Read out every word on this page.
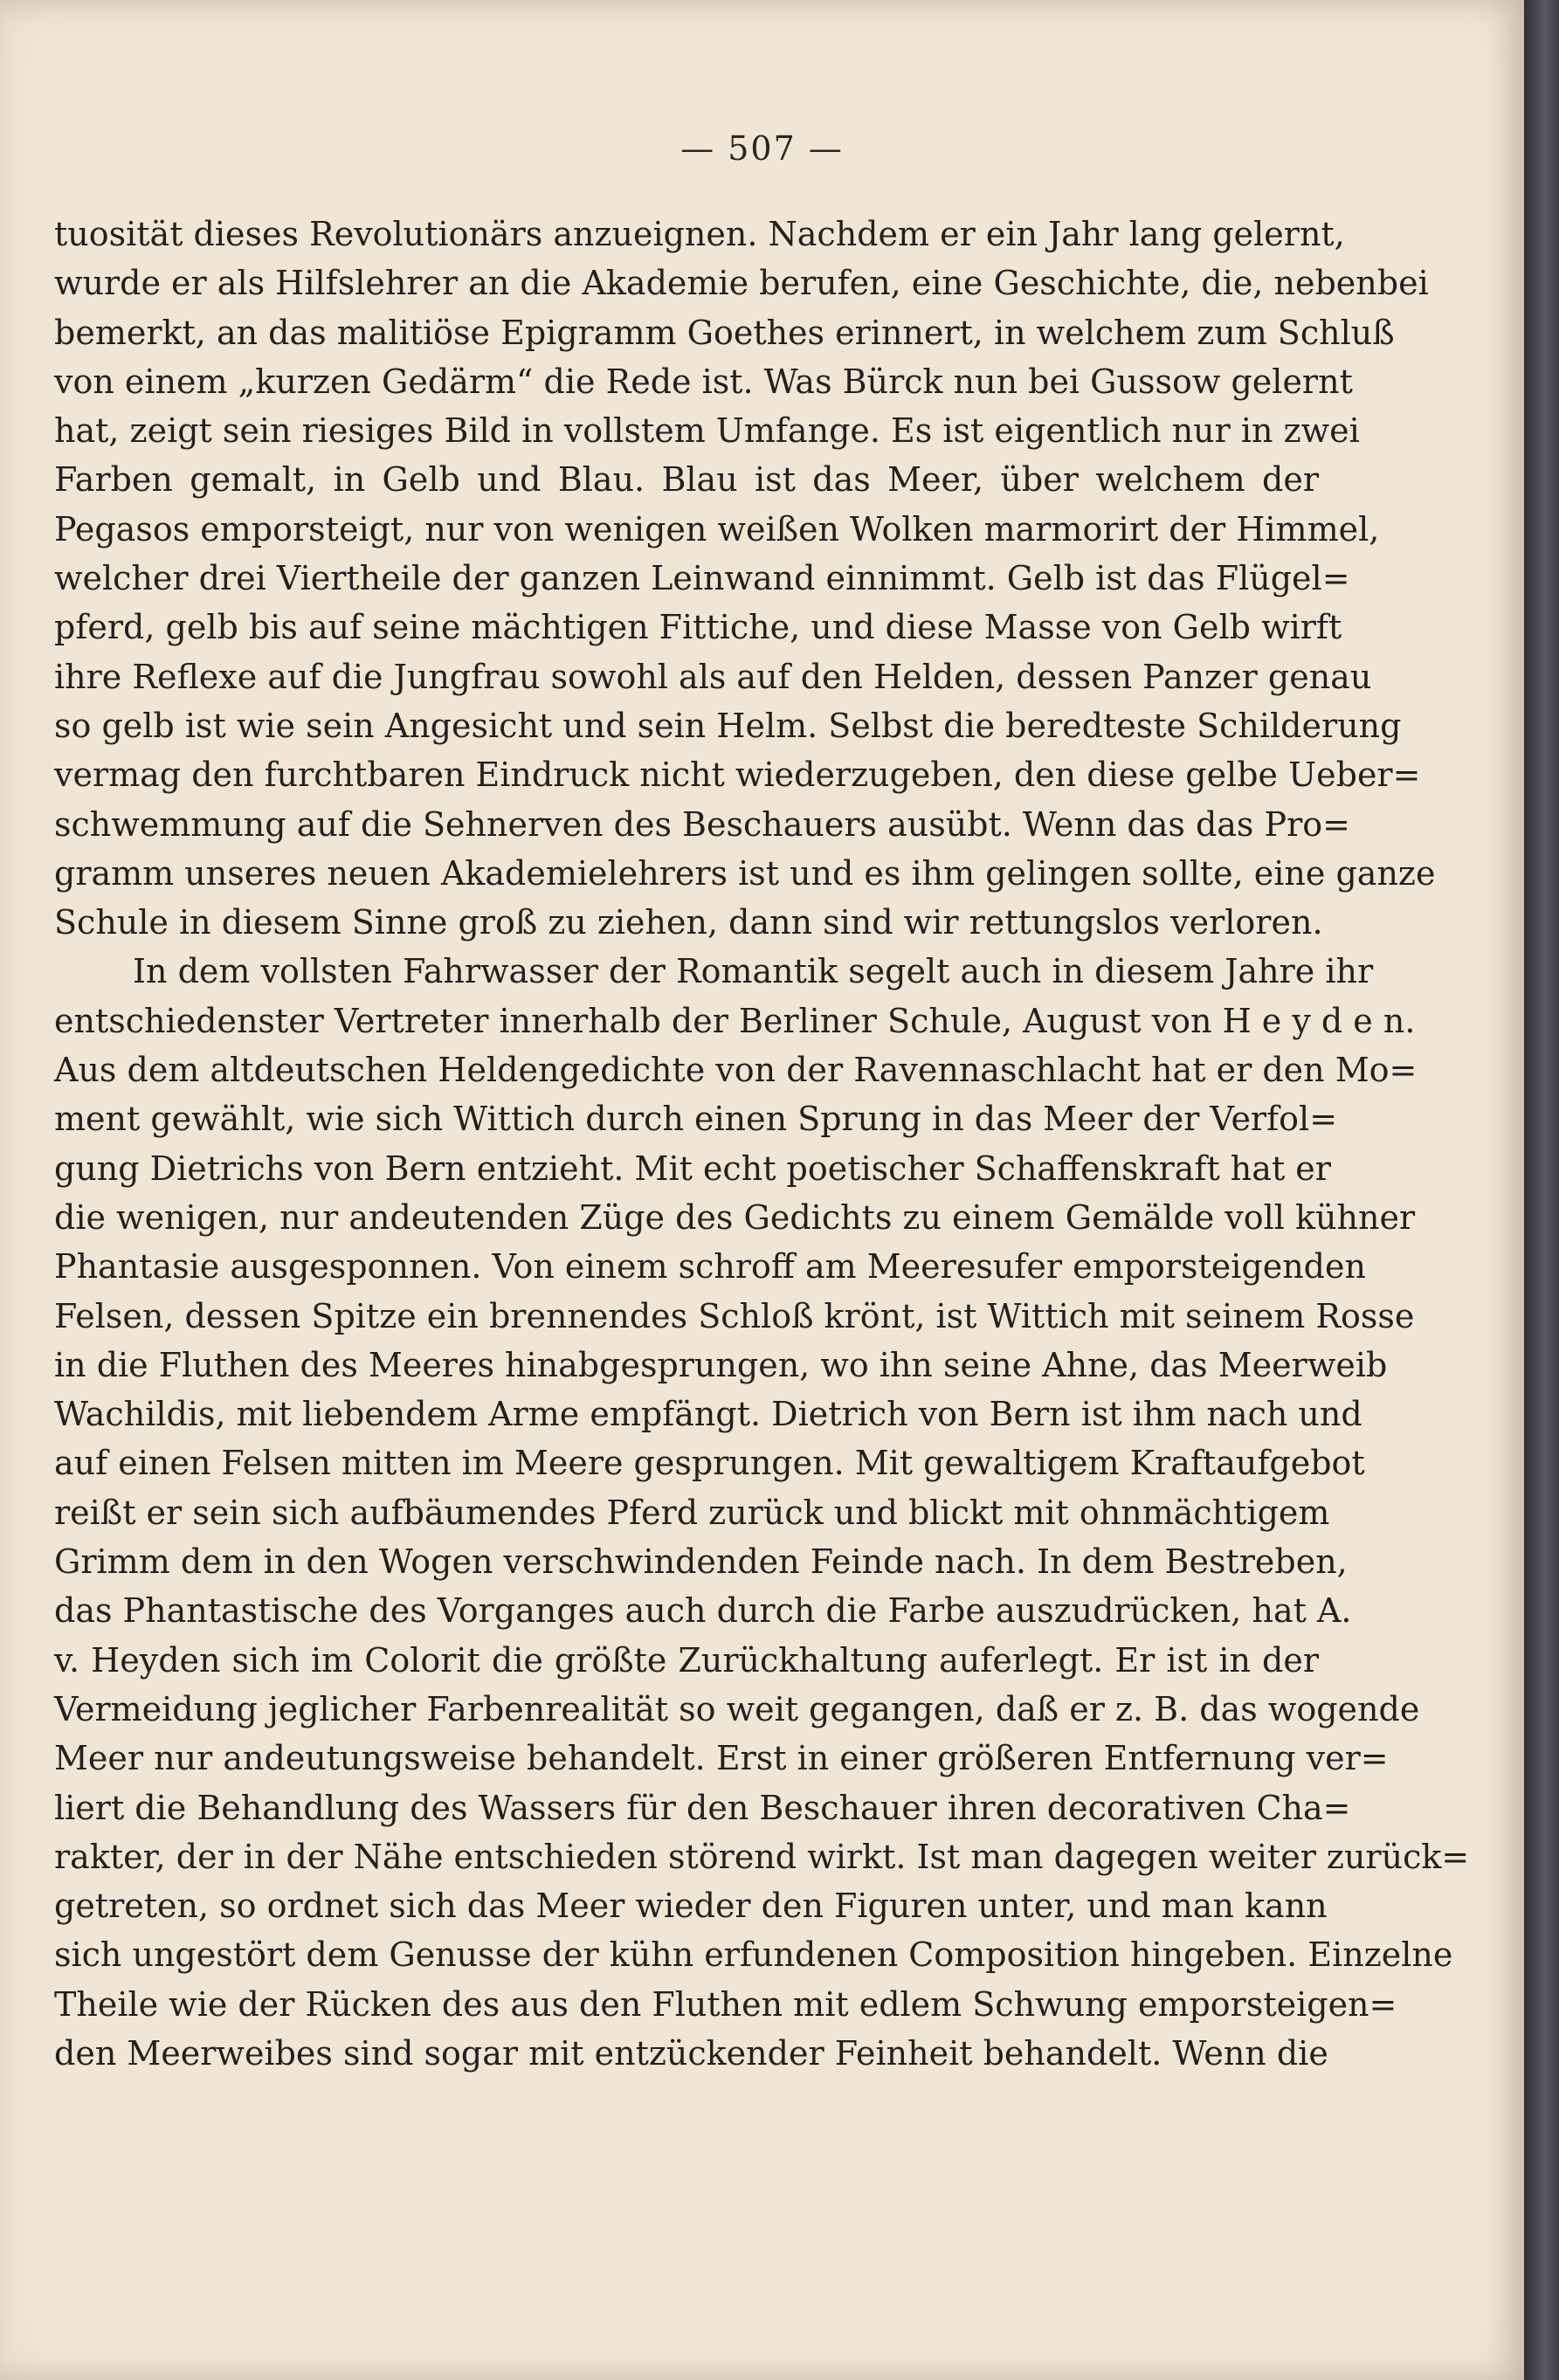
— 507 —
tuosität dieses Revolutionärs anzueignen. Nachdem er ein Jahr lang gelernt,
wurde er als Hilfslehrer an die Akademie berufen, eine Geschichte, die, nebenbei
bemerkt, an das malitiöse Epigramm Goethes erinnert, in welchem zum Schluß
von einem „kurzen Gedärm“ die Rede ist. Was Bürck nun bei Gussow gelernt
hat, zeigt sein riesiges Bild in vollstem Umfange. Es ist eigentlich nur in zwei
Farben gemalt, in Gelb und Blau. Blau ist das Meer, über welchem der
Pegasos emporsteigt, nur von wenigen weißen Wolken marmorirt der Himmel,
welcher drei Viertheile der ganzen Leinwand einnimmt. Gelb ist das Flügel=
pferd, gelb bis auf seine mächtigen Fittiche, und diese Masse von Gelb wirft
ihre Reflexe auf die Jungfrau sowohl als auf den Helden, dessen Panzer genau
so gelb ist wie sein Angesicht und sein Helm. Selbst die beredteste Schilderung
vermag den furchtbaren Eindruck nicht wiederzugeben, den diese gelbe Ueber=
schwemmung auf die Sehnerven des Beschauers ausübt. Wenn das das Pro=
gramm unseres neuen Akademielehrers ist und es ihm gelingen sollte, eine ganze
Schule in diesem Sinne groß zu ziehen, dann sind wir rettungslos verloren.
In dem vollsten Fahrwasser der Romantik segelt auch in diesem Jahre ihr
entschiedenster Vertreter innerhalb der Berliner Schule, August von H e y d e n.
Aus dem altdeutschen Heldengedichte von der Ravennaschlacht hat er den Mo=
ment gewählt, wie sich Wittich durch einen Sprung in das Meer der Verfol=
gung Dietrichs von Bern entzieht. Mit echt poetischer Schaffenskraft hat er
die wenigen, nur andeutenden Züge des Gedichts zu einem Gemälde voll kühner
Phantasie ausgesponnen. Von einem schroff am Meeresufer emporsteigenden
Felsen, dessen Spitze ein brennendes Schloß krönt, ist Wittich mit seinem Rosse
in die Fluthen des Meeres hinabgesprungen, wo ihn seine Ahne, das Meerweib
Wachildis, mit liebendem Arme empfängt. Dietrich von Bern ist ihm nach und
auf einen Felsen mitten im Meere gesprungen. Mit gewaltigem Kraftaufgebot
reißt er sein sich aufbäumendes Pferd zurück und blickt mit ohnmächtigem
Grimm dem in den Wogen verschwindenden Feinde nach. In dem Bestreben,
das Phantastische des Vorganges auch durch die Farbe auszudrücken, hat A.
v. Heyden sich im Colorit die größte Zurückhaltung auferlegt. Er ist in der
Vermeidung jeglicher Farbenrealität so weit gegangen, daß er z. B. das wogende
Meer nur andeutungsweise behandelt. Erst in einer größeren Entfernung ver=
liert die Behandlung des Wassers für den Beschauer ihren decorativen Cha=
rakter, der in der Nähe entschieden störend wirkt. Ist man dagegen weiter zurück=
getreten, so ordnet sich das Meer wieder den Figuren unter, und man kann
sich ungestört dem Genusse der kühn erfundenen Composition hingeben. Einzelne
Theile wie der Rücken des aus den Fluthen mit edlem Schwung emporsteigen=
den Meerweibes sind sogar mit entzückender Feinheit behandelt. Wenn die
